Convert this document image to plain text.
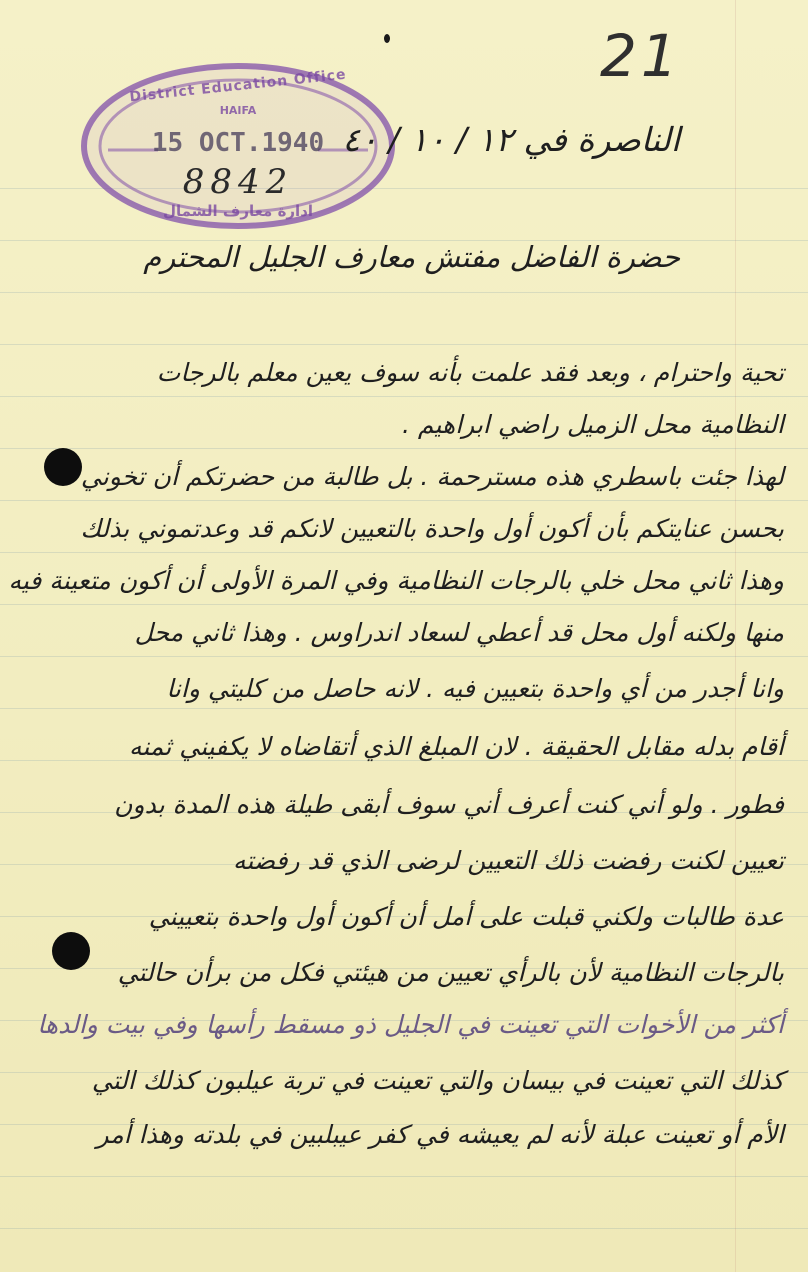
21
District Education Office
HAIFA
15 OCT.1940
8842
ادارة معارف الشمال
الناصرة في ١٢ / ١٠ / ٤٠
حضرة الفاضل مفتش معارف الجليل المحترم
تحية واحترام ، وبعد فقد علمت بأنه سوف يعين معلم بالرجات
النظامية محل الزميل راضي ابراهيم .
لهذا جئت باسطري هذه مسترحمة . بل طالبة من حضرتكم أن تخوني
بحسن عنايتكم بأن أكون أول واحدة بالتعيين لانكم قد وعدتموني بذلك
وهذا ثاني محل خلي بالرجات النظامية وفي المرة الأولى أن أكون متعينة فيه
منها ولكنه أول محل قد أعطي لسعاد اندراوس . وهذا ثاني محل
وانا أجدر من أي واحدة بتعيين فيه . لانه حاصل من كليتي وانا
أقام بدله مقابل الحقيقة . لان المبلغ الذي أتقاضاه لا يكفيني ثمنه
فطور . ولو أني كنت أعرف أني سوف أبقى طيلة هذه المدة بدون
تعيين لكنت رفضت ذلك التعيين لرضى الذي قد رفضته
عدة طالبات ولكني قبلت على أمل أن أكون أول واحدة بتعييني
بالرجات النظامية لأن بالرأي تعيين من هيئتي فكل من برأن حالتي
أكثر من الأخوات التي تعينت في الجليل ذو مسقط رأسها وفي بيت والدها
كذلك التي تعينت في بيسان والتي تعينت في تربة عيلبون كذلك التي
الأم أو تعينت عبلة لأنه لم يعيشه في كفر عيبلبين في بلدته وهذا أمر
